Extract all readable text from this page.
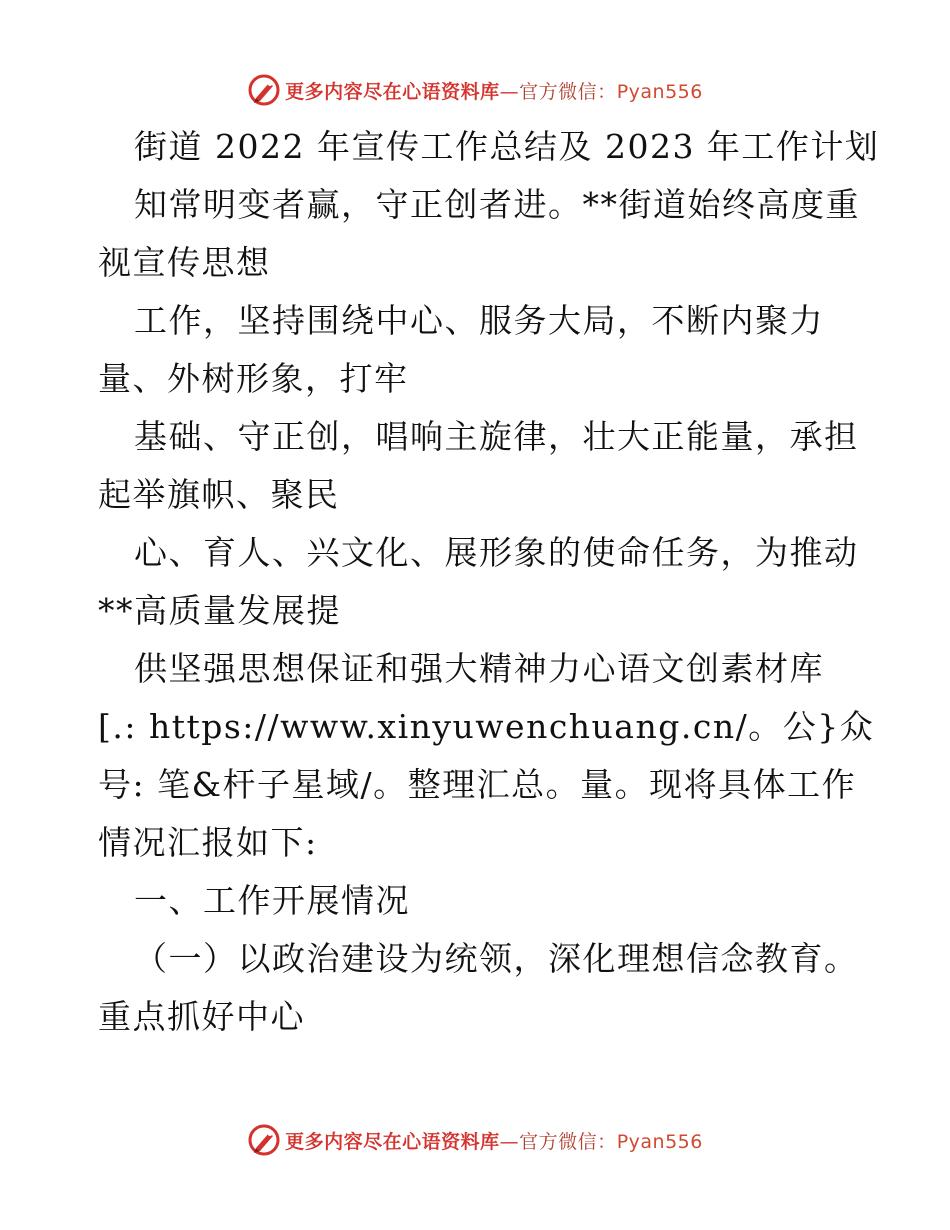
更多内容尽在心语资料库—官方微信：Pyan556
街道 2022 年宣传工作总结及 2023 年工作计划
知常明变者赢，守正创者进。**街道始终高度重
视宣传思想
工作，坚持围绕中心、服务大局，不断内聚力
量、外树形象，打牢
基础、守正创，唱响主旋律，壮大正能量，承担
起举旗帜、聚民
心、育人、兴文化、展形象的使命任务，为推动
**高质量发展提
供坚强思想保证和强大精神力心语文创素材库
[.: https://www.xinyuwenchuang.cn/。公}众
号: 笔&杆子星域/。整理汇总。量。现将具体工作
情况汇报如下:
一、工作开展情况
（一）以政治建设为统领，深化理想信念教育。
重点抓好中心
更多内容尽在心语资料库—官方微信：Pyan556
